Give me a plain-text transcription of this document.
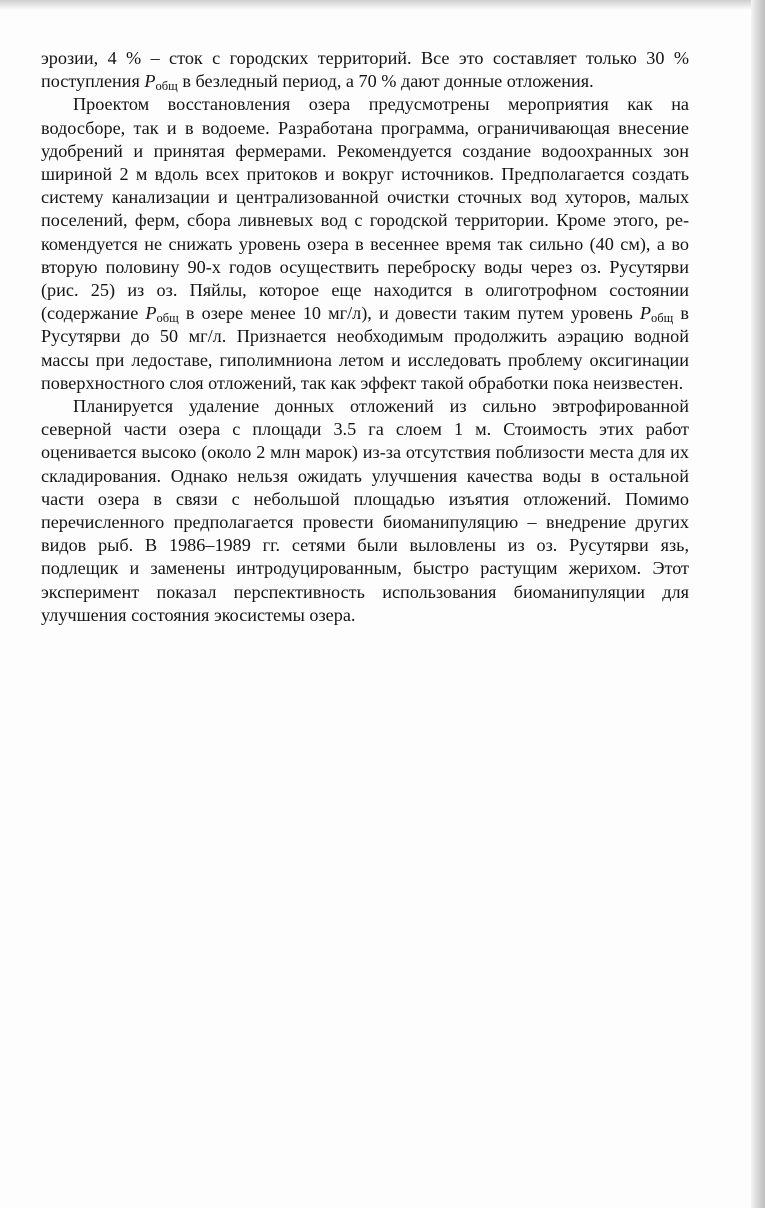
эрозии, 4 % – сток с городских территорий. Все это составляет только 30 % поступления $P_{общ}$ в безледный период, а 70 % дают донные отложения.

Проектом восстановления озера предусмотрены мероприятия как на водосборе, так и в водоеме. Разработана программа, ограничивающая внесение удобрений и принятая фермерами. Рекомендуется создание водоохранных зон шириной 2 м вдоль всех притоков и вокруг источников. Предполагается создать систему канализации и централизованной очистки сточных вод хуторов, малых поселений, ферм, сбора ливневых вод с городской территории. Кроме этого, рекомендуется не снижать уровень озера в весеннее время так сильно (40 см), а во вторую половину 90-х годов осуществить переброску воды через оз. Русутярви (рис. 25) из оз. Пяйлы, которое еще находится в олиготрофном состоянии (содержание $P_{общ}$ в озере менее 10 мг/л), и довести таким путем уровень $P_{общ}$ в Русутярви до 50 мг/л. Признается необходимым продолжить аэрацию водной массы при ледоставе, гиполимниона летом и исследовать проблему оксигинации поверхностного слоя отложений, так как эффект такой обработки пока неизвестен.

Планируется удаление донных отложений из сильно эвтрофированной северной части озера с площади 3.5 га слоем 1 м. Стоимость этих работ оценивается высоко (около 2 млн марок) из-за отсутствия поблизости места для их складирования. Однако нельзя ожидать улучшения качества воды в остальной части озера в связи с небольшой площадью изъятия отложений. Помимо перечисленного предполагается провести биоманипуляцию – внедрение других видов рыб. В 1986–1989 гг. сетями были выловлены из оз. Русутярви язь, подлещик и заменены интродуцированным, быстро растущим жерихом. Этот эксперимент показал перспективность использования биоманипуляции для улучшения состояния экосистемы озера.
